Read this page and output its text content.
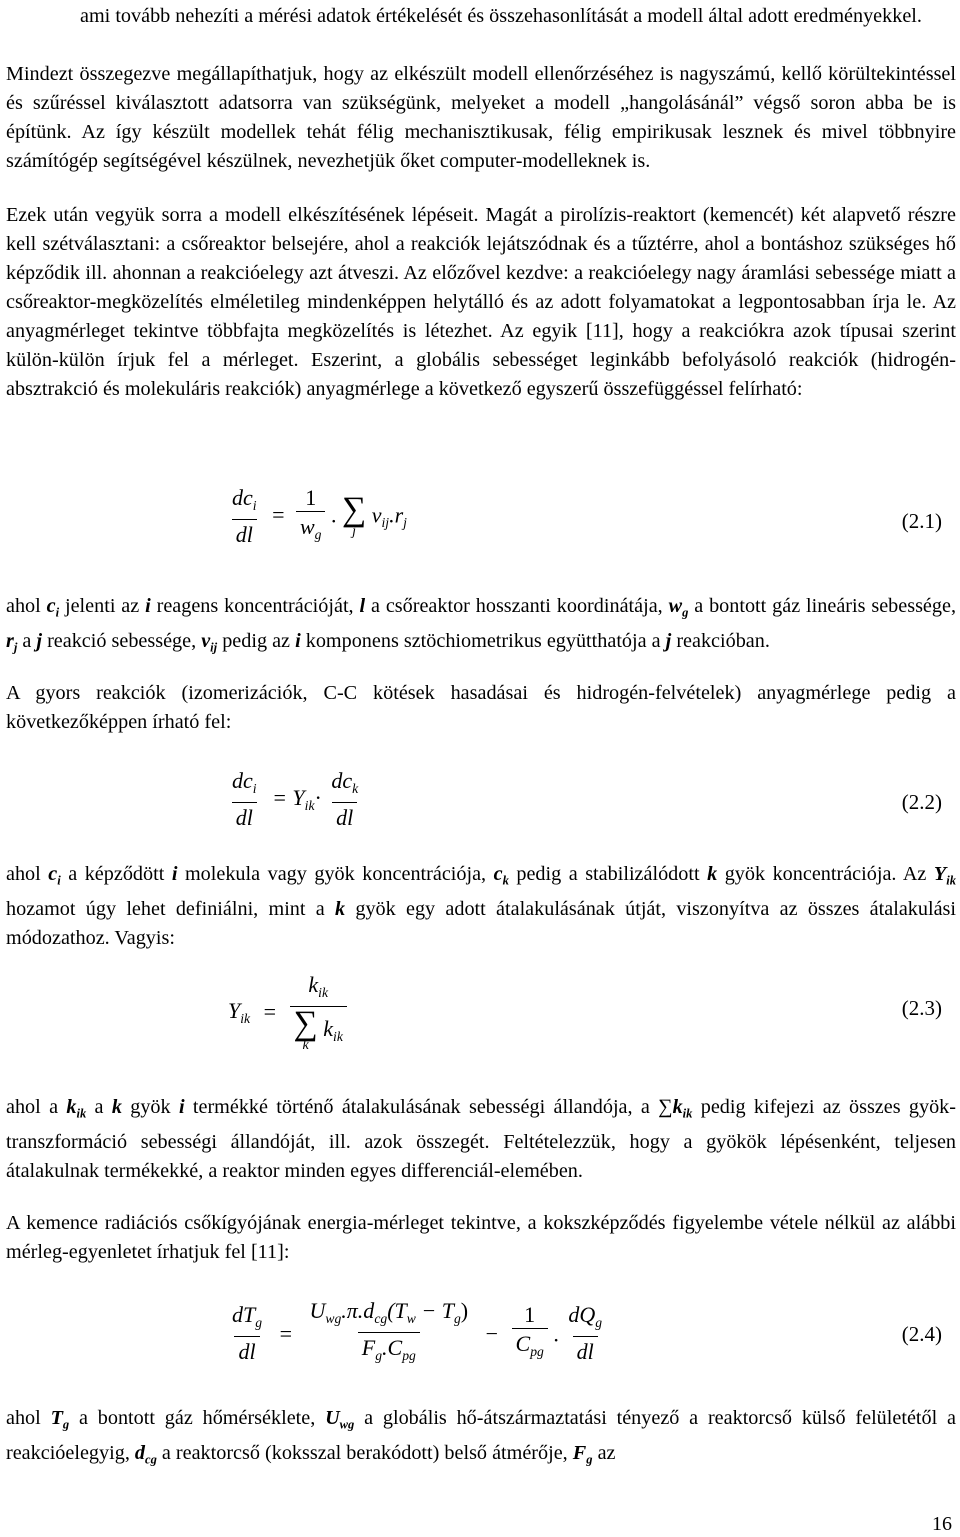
ami tovább nehezíti a mérési adatok értékelését és összehasonlítását a modell által adott eredményekkel.

Mindezt összegezve megállapíthatjuk, hogy az elkészült modell ellenőrzéséhez is nagyszámú, kellő körültekintéssel és szűréssel kiválasztott adatsorra van szükségünk, melyeket a modell „hangolásánál” végső soron abba be is építünk. Az így készült modellek tehát félig mechanisztikusak, félig empirikusak lesznek és mivel többnyire számítógép segítségével készülnek, nevezhetjük őket computer-modelleknek is.

Ezek után vegyük sorra a modell elkészítésének lépéseit. Magát a pirolízis-reaktort (kemencét) két alapvető részre kell szétválasztani: a csőreaktor belsejére, ahol a reakciók lejátszódnak és a tűztérre, ahol a bontáshoz szükséges hő képződik ill. ahonnan a reakcióelegy azt átveszi. Az előzővel kezdve: a reakcióelegy nagy áramlási sebessége miatt a csőreaktor-megközelítés elméletileg mindenképpen helytálló és az adott folyamatokat a legpontosabban írja le. Az anyagmérleget tekintve többfajta megközelítés is létezhet. Az egyik [11], hogy a reakciókra azok típusai szerint külön-külön írjuk fel a mérleget. Eszerint, a globális sebességet leginkább befolyásoló reakciók (hidrogén-absztrakció és molekuláris reakciók) anyagmérlege a következő egyszerű összefüggéssel felírható:

$\frac{dc_i}{dl} = \frac{1}{w_g}$ . ∑
j
$v_{ij}.r_j$	(2.1)

ahol $c_i$ jelenti az i reagens koncentrációját, l a csőreaktor hosszanti koordinátája, $w_g$ a bontott gáz lineáris sebessége, $r_j$ a j reakció sebessége, $v_{ij}$ pedig az i komponens sztöchiometrikus együtthatója a j reakcióban.

A gyors reakciók (izomerizációk, C-C kötések hasadásai és hidrogén-felvételek) anyagmérlege pedig a következőképpen írható fel:

$\frac{dc_i}{dl} = Y_{ik}\cdot \frac{dc_k}{dl}$	(2.2)

ahol $c_i$ a képződött i molekula vagy gyök koncentrációja, $c_k$ pedig a stabilizálódott k gyök koncentrációja. Az $Y_{ik}$ hozamot úgy lehet definiálni, mint a k gyök egy adott átalakulásának útját, viszonyítva az összes átalakulási módozathoz. Vagyis:

$Y_{ik} = k_{ik}$
∑
k
$k_{ik}$	(2.3)

ahol a $k_{ik}$ a k gyök i termékké történő átalakulásának sebességi állandója, a $\sum k_{ik}$ pedig kifejezi az összes gyök-transzformáció sebességi állandóját, ill. azok összegét. Feltételezzük, hogy a gyökök lépésenként, teljesen átalakulnak termékekké, a reaktor minden egyes differenciál-elemében.

A kemence radiációs csőkígyójának energia-mérleget tekintve, a kokszképződés figyelembe vétele nélkül az alábbi mérleg-egyenletet írhatjuk fel [11]:

$\frac{dT_g}{dl} = \frac{U_{wg}.\pi.d_{cg}(T_w - T_g)}{F_g.C_{pg}} - \frac{1}{C_{pg}}$ . $\frac{dQ_g}{dl}$	(2.4)

ahol $T_g$ a bontott gáz hőmérséklete, $U_{wg}$ a globális hő-átszármaztatási tényező a reaktorcső külső felületétől a reakcióelegyig, $d_{cg}$ a reaktorcső (koksszal berakódott) belső átmérője, $F_g$ az

16
